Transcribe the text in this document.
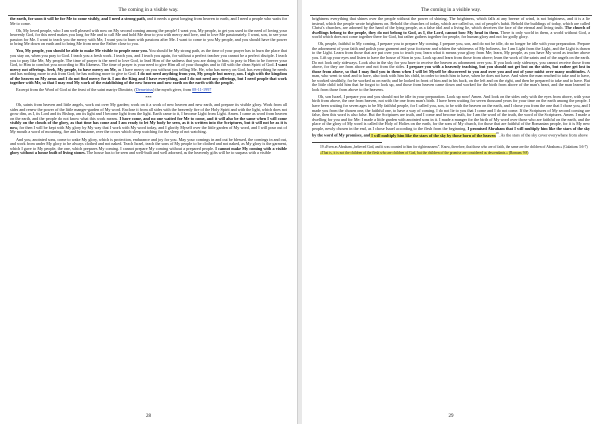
The coming in a visible way.

the earth, for soon it will be for Me to come visibly, and I need a strong path, and it needs a great longing from heaven to earth, and I need a people who waits for Me to come.

Oh, My loved people, who I am well pleased with now on My second coming among the people! I want you, My people, to get you used to the need of loving your heavenly God, for this need makes you long for Me and to call Me and hold Me dear to you with mercy and love, and to love Me passionately. I want, son, to see your passion for Me. I want to teach you the mercy with Me, I want you to burn with passions after Me. I want to come to you My people, and you should have the power to bring Me down on earth and to bring Me from near the Father close to you.

You, My people, you should be able to make Me visible to people near you. You should be My strong path, as the time of your prayer has to burn the place that you stay on, when you pray to God. I teach you a fresh work. I teach you, and I teach you again, for without a perfect teacher you cannot be a perfect disciple. I teach you to pray like Me, My people. The time of prayer is the need to love God, to lead Him of the sadness that you are doing to him, to pray to Him to be forever your God, to Him to comfort you according to His likeness. The time of prayer is your need to give Him all of your thoughts and to fill with the clean Spirit of God. I want mercy not offerings. Seek, My people, to have mercy on Me, as I have mercy on you without you telling Me. He, who has mercy on God, has everything he needs and has nothing more to ask from God; he has nothing more to give to God. I do not need anything from you, My people but mercy, son. I sigh with the kingdom of the heaven on My arms and I do not find mercy for it. I am the King and I have everything, and I do not need any offerings, but I need people that work together with Me, so that I may end My work of the establishing of the new heaven and new earth on the earth with the people.

Excerpt from the Word of God at the feast of the saint martyr Dimitrie, (Demetrius) the myrrh giver, from 08-11-1997

***

Oh, saints from heaven and little angels, work out over My garden; work on it a work of new heaven and new earth, and prepare its visible glory. Work from all sides and renew the power of the little manger-garden of My word. Enclose it from all sides with the heavenly fire of the Holy Spirit and with the light, which does not grow dim, as I, its Lord and its Bishop, am its light and I become light from the light. Earth came to it, I become Light from Light. Amen. I came as word from heaven on the earth, and the people do not know what this work means. I have come, and no one waited for Me to come, and it will also be the same when I will come visibly on the clouds of the glory, as that time has come and I am ready to let My body be seen, as it is written into the Scriptures, but it will not be as it is now, for then I will be kept with My glory by My way that I work with My word today, and I glorify Myself over the little garden of My word, and I will pour out of My mouth a word of mourning, fire and brimstone, over the crows which sleep watching for the sleep of not watching.

And you, anointed sons, come to wake My glory, which is protection, endurance and joy for you. May your comings in and out be blessed, the comings in and out, and work from under My glory to be always clothed and not naked. Teach Israel, teach the sons of My people to be clothed and not naked, as My glory is the garment, which I gave to My people, the one, which prepares My coming. I cannot prepare My coming without a prepared people. I cannot make My coming with a visible glory without a house built of living stones. The house has to be seen and well-built and well adorned, as the heavenly gifts will be to surpass with a visible

28
The coming in a visible way.

brightness everything that shines over the people without the power of shining. The brightness, which falls at any breeze of wind, is not brightness, and it is a lie instead, which the people wrote brightness on. Behold the churches of today, which are called so, out of people's habit. Behold the buildings of today, which are called Christ's churches, are adorned by the hand of the lying people, as a false idol and a living lie, which deceives the face of the eternal and living truth. The church of dwellings belong to the people, they do not belong to God, as I, the Lord, cannot bow My head in them. There is only world in them, a world without God, a world which does not come together there for God, but rather gathers together for people, for human glory and not for godly glory.

Oh, people, faithful to My coming, I prepare you to prepare My coming. I prepare you, son, and do not be idle, do no longer be idle with your preparation. Prepare the adornment of your faith and polish your garment and your footwear and whiten the whiteness of My holiness, for I am Light from the Light, and the Light is drawn to the Light. Learn from those that are put over you to teach you; learn what it means your glory from Me; learn, My people, as you have My word as teacher above you. Lift up your eyes and listen to have the house of Sion in you. Look up and learn from those from above; learn the work of the saints and of the angels on the earth. Do not look only sideways. Look also in the sky for you have to receive the heaven as adornment over you. If you look only sideways, you cannot receive those from above, for they are from above and not from the sides. I prepare you with a heavenly teaching, but you should not get lost on the sides, but rather get lost in those from above, so that I may find you in them when I will let Myself be discovered to you and over you and out of your midst over many multitudes. A man, who went to steal and to have, also took with him his child, in order to teach him to have, when he does not have. And when the man reached to take and to have, he worked stealthily, for he worked as on earth; and he looked in front of him and in his back, on the left and on the right, and then he prepared to take and to have. But the little child told him that he forgot to look up, and those from heaven came down and worked for the birth from above of the man's heart, and the man learned to look from those from above to the heavens.

Oh, son Israel, I prepare you and you should not be idle in your preparation. Look up now! Amen. And look on the sides only with the eyes from above, with your birth from above, the one from heaven, not with the one from man's birth. I have been waiting for seven thousand years for your time on the earth among the people. I have been waiting for seven ages to be My faithful people, for I called you, son, to be with the heaven on the earth, and I chose you from the one that I chose you, and I made you from the chosen one, the faithful one, to have a way of coming. I do not lie to you that I come and I do not come. If the Scriptures of My second coming are false, then this word is also false. But the Scriptures are truth, and I come and become truth, for I am the word of the truth, the word of the Scriptures. Amen. I made a dwelling for you and for Me: I made a little garden with anointed sons in it. I made a manger for the birth of My word over those who are faithful on the earth, and the place of the glory of My word is called the Holy of Holies on the earth, for the sons of My church, for those that are faithful of the Romanian people, for it is My new people, newly chosen in the end, as I chose Israel according to the flesh from the beginning. I promised Abraham that I will multiply him like the stars of the sky by the word of My promises, and I will multiply him like the stars of the sky by those born of the heaven$^{19}$. As the stars of the sky cover everywhere from above

19 «Even as Abraham „believed God, and it was counted to him for righteousness”. Know, therefore, that those who are of faith, the same are the children of Abraham.» (Galatians 3:6-7)

«That is, it is not the children of the flesh who are children of God, but the children of the promise are considered as descendants.» (Romans 9:8)

29
